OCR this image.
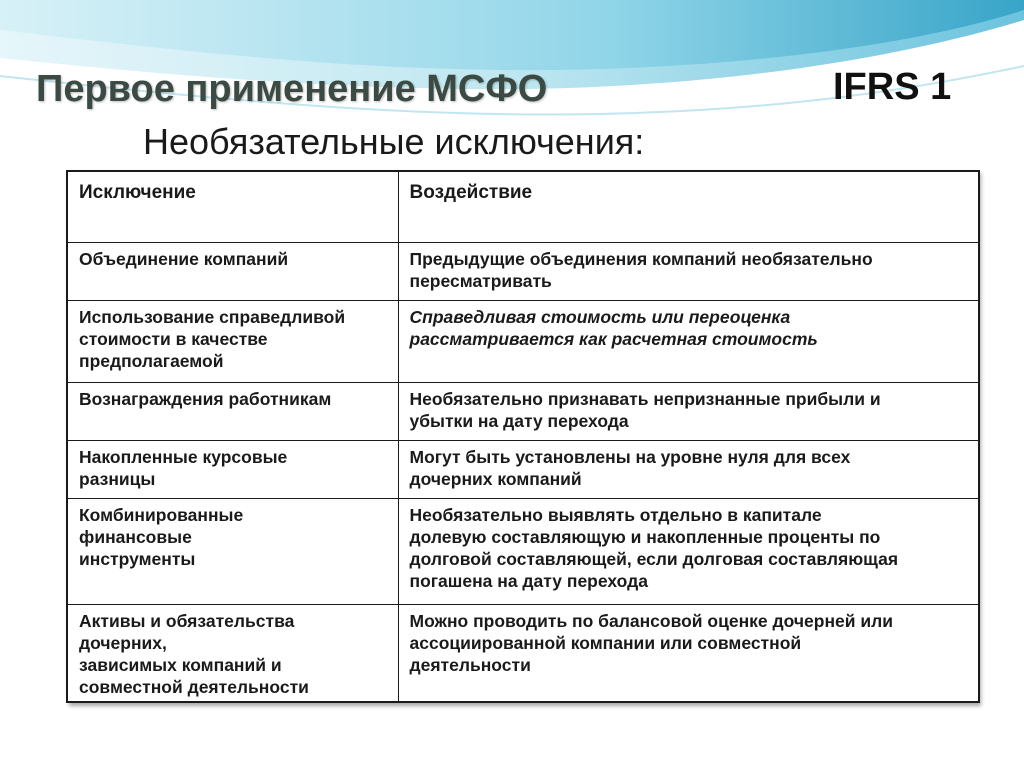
Первое применение МСФО	IFRS 1
Необязательные исключения:
Исключение	Воздействие

Объединение компаний	Предыдущие объединения компаний необязательно
пересматривать

Использование справедливой
стоимости в качестве
предполагаемой	Справедливая стоимость или переоценка
рассматривается как расчетная стоимость

Вознаграждения работникам	Необязательно признавать непризнанные прибыли и
убытки на дату перехода

Накопленные курсовые
разницы	Могут быть установлены на уровне нуля для всех
дочерних компаний

Комбинированные
финансовые
инструменты	Необязательно выявлять отдельно в капитале
долевую составляющую и накопленные проценты по
долговой составляющей, если долговая составляющая
погашена на дату перехода

Активы и обязательства
дочерних,
зависимых компаний и
совместной деятельности	Можно проводить по балансовой оценке дочерней или
ассоциированной компании или совместной
деятельности
